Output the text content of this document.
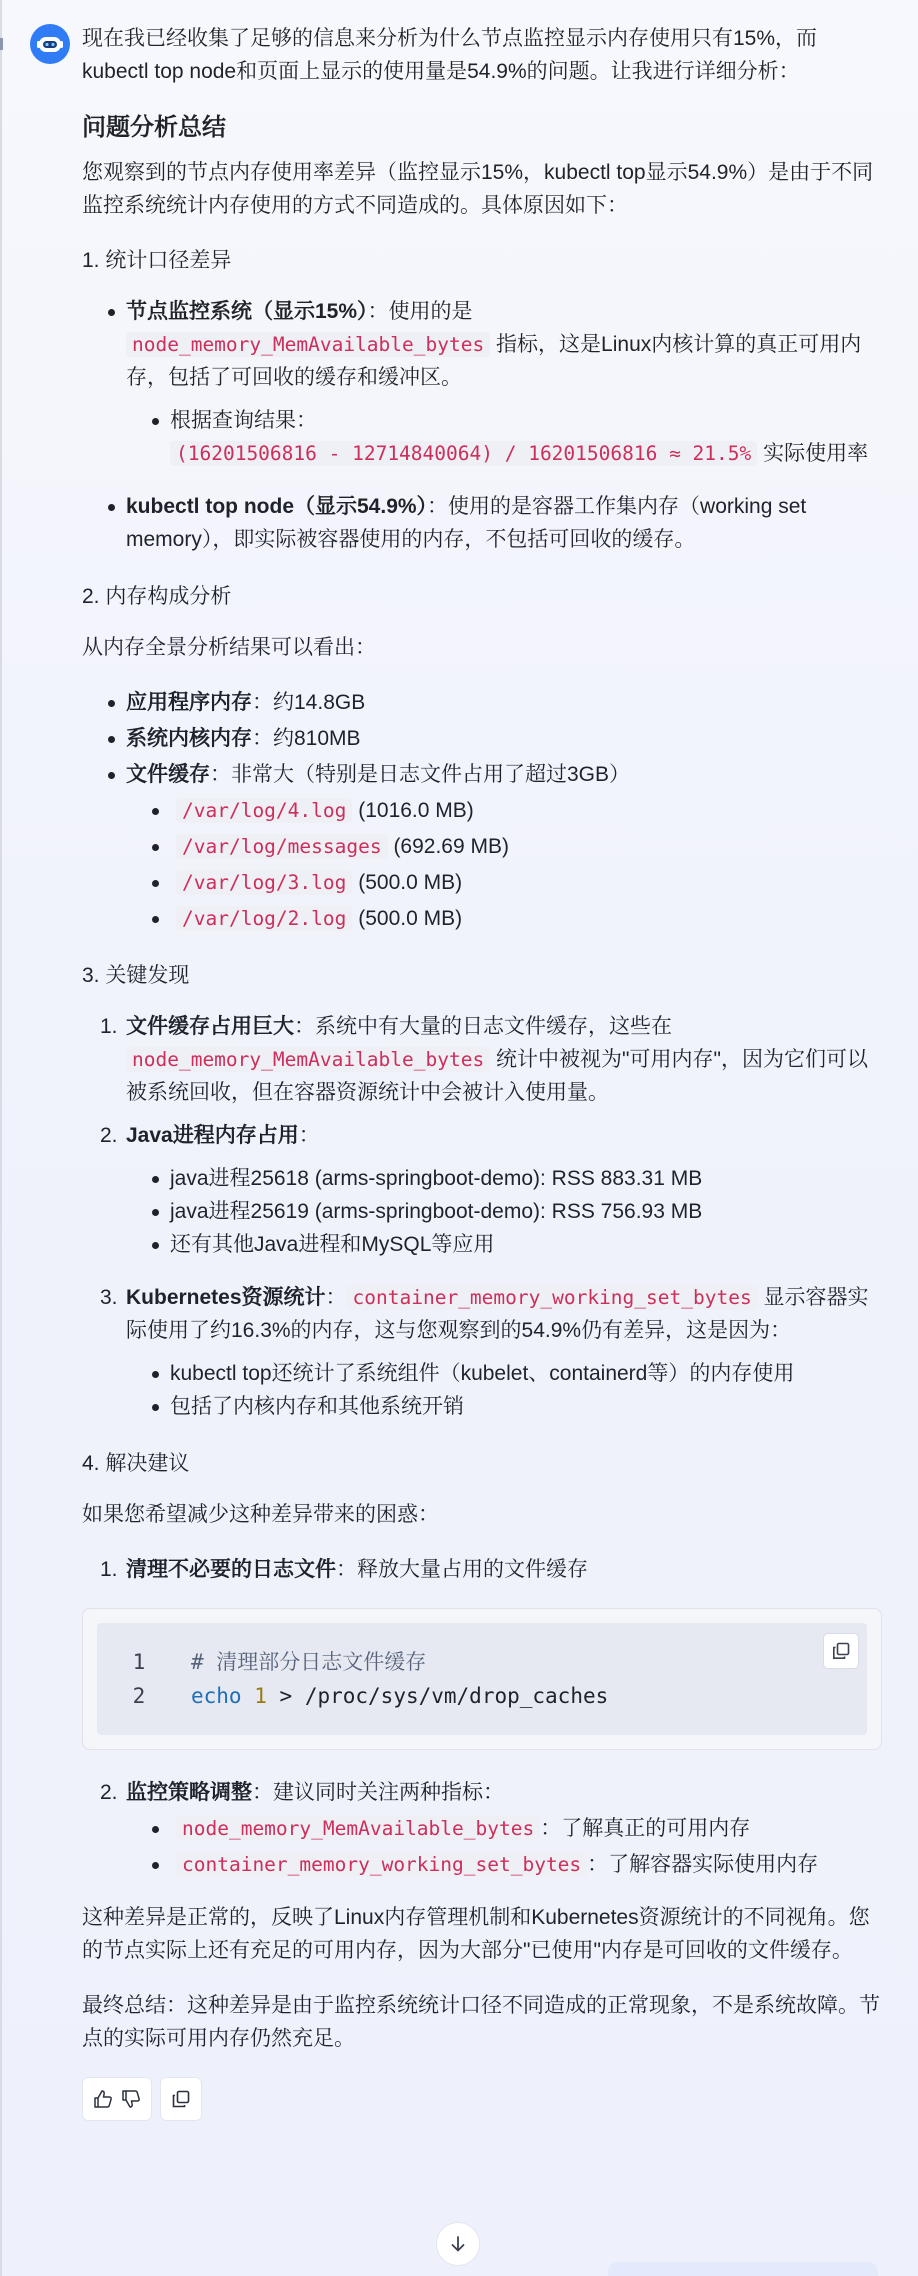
现在我已经收集了足够的信息来分析为什么节点监控显示内存使用只有15%，而kubectl top node和页面上显示的使用量是54.9%的问题。让我进行详细分析：

问题分析总结

您观察到的节点内存使用率差异（监控显示15%，kubectl top显示54.9%）是由于不同监控系统统计内存使用的方式不同造成的。具体原因如下：

1. 统计口径差异

节点监控系统（显示15%）：使用的是
node_memory_MemAvailable_bytes 指标，这是Linux内核计算的真正可用内存，包括了可回收的缓存和缓冲区。
根据查询结果：
(16201506816 - 12714840064) / 16201506816 ≈ 21.5% 实际使用率
kubectl top node（显示54.9%）：使用的是容器工作集内存（working set memory），即实际被容器使用的内存，不包括可回收的缓存。

2. 内存构成分析

从内存全景分析结果可以看出：

应用程序内存：约14.8GB
系统内核内存：约810MB
文件缓存：非常大（特别是日志文件占用了超过3GB）
/var/log/4.log (1016.0 MB)
/var/log/messages (692.69 MB)
/var/log/3.log (500.0 MB)
/var/log/2.log (500.0 MB)

3. 关键发现

1. 文件缓存占用巨大：系统中有大量的日志文件缓存，这些在
node_memory_MemAvailable_bytes 统计中被视为"可用内存"，因为它们可以被系统回收，但在容器资源统计中会被计入使用量。
2. Java进程内存占用：
java进程25618 (arms-springboot-demo): RSS 883.31 MB
java进程25619 (arms-springboot-demo): RSS 756.93 MB
还有其他Java进程和MySQL等应用
3. Kubernetes资源统计： container_memory_working_set_bytes 显示容器实际使用了约16.3%的内存，这与您观察到的54.9%仍有差异，这是因为：
kubectl top还统计了系统组件（kubelet、containerd等）的内存使用
包括了内核内存和其他系统开销

4. 解决建议

如果您希望减少这种差异带来的困惑：

1. 清理不必要的日志文件：释放大量占用的文件缓存
1	# 清理部分日志文件缓存
2	echo 1 > /proc/sys/vm/drop_caches
2. 监控策略调整：建议同时关注两种指标：
node_memory_MemAvailable_bytes ：了解真正的可用内存
container_memory_working_set_bytes ：了解容器实际使用内存

这种差异是正常的，反映了Linux内存管理机制和Kubernetes资源统计的不同视角。您的节点实际上还有充足的可用内存，因为大部分"已使用"内存是可回收的文件缓存。

最终总结：这种差异是由于监控系统统计口径不同造成的正常现象，不是系统故障。节点的实际可用内存仍然充足。
